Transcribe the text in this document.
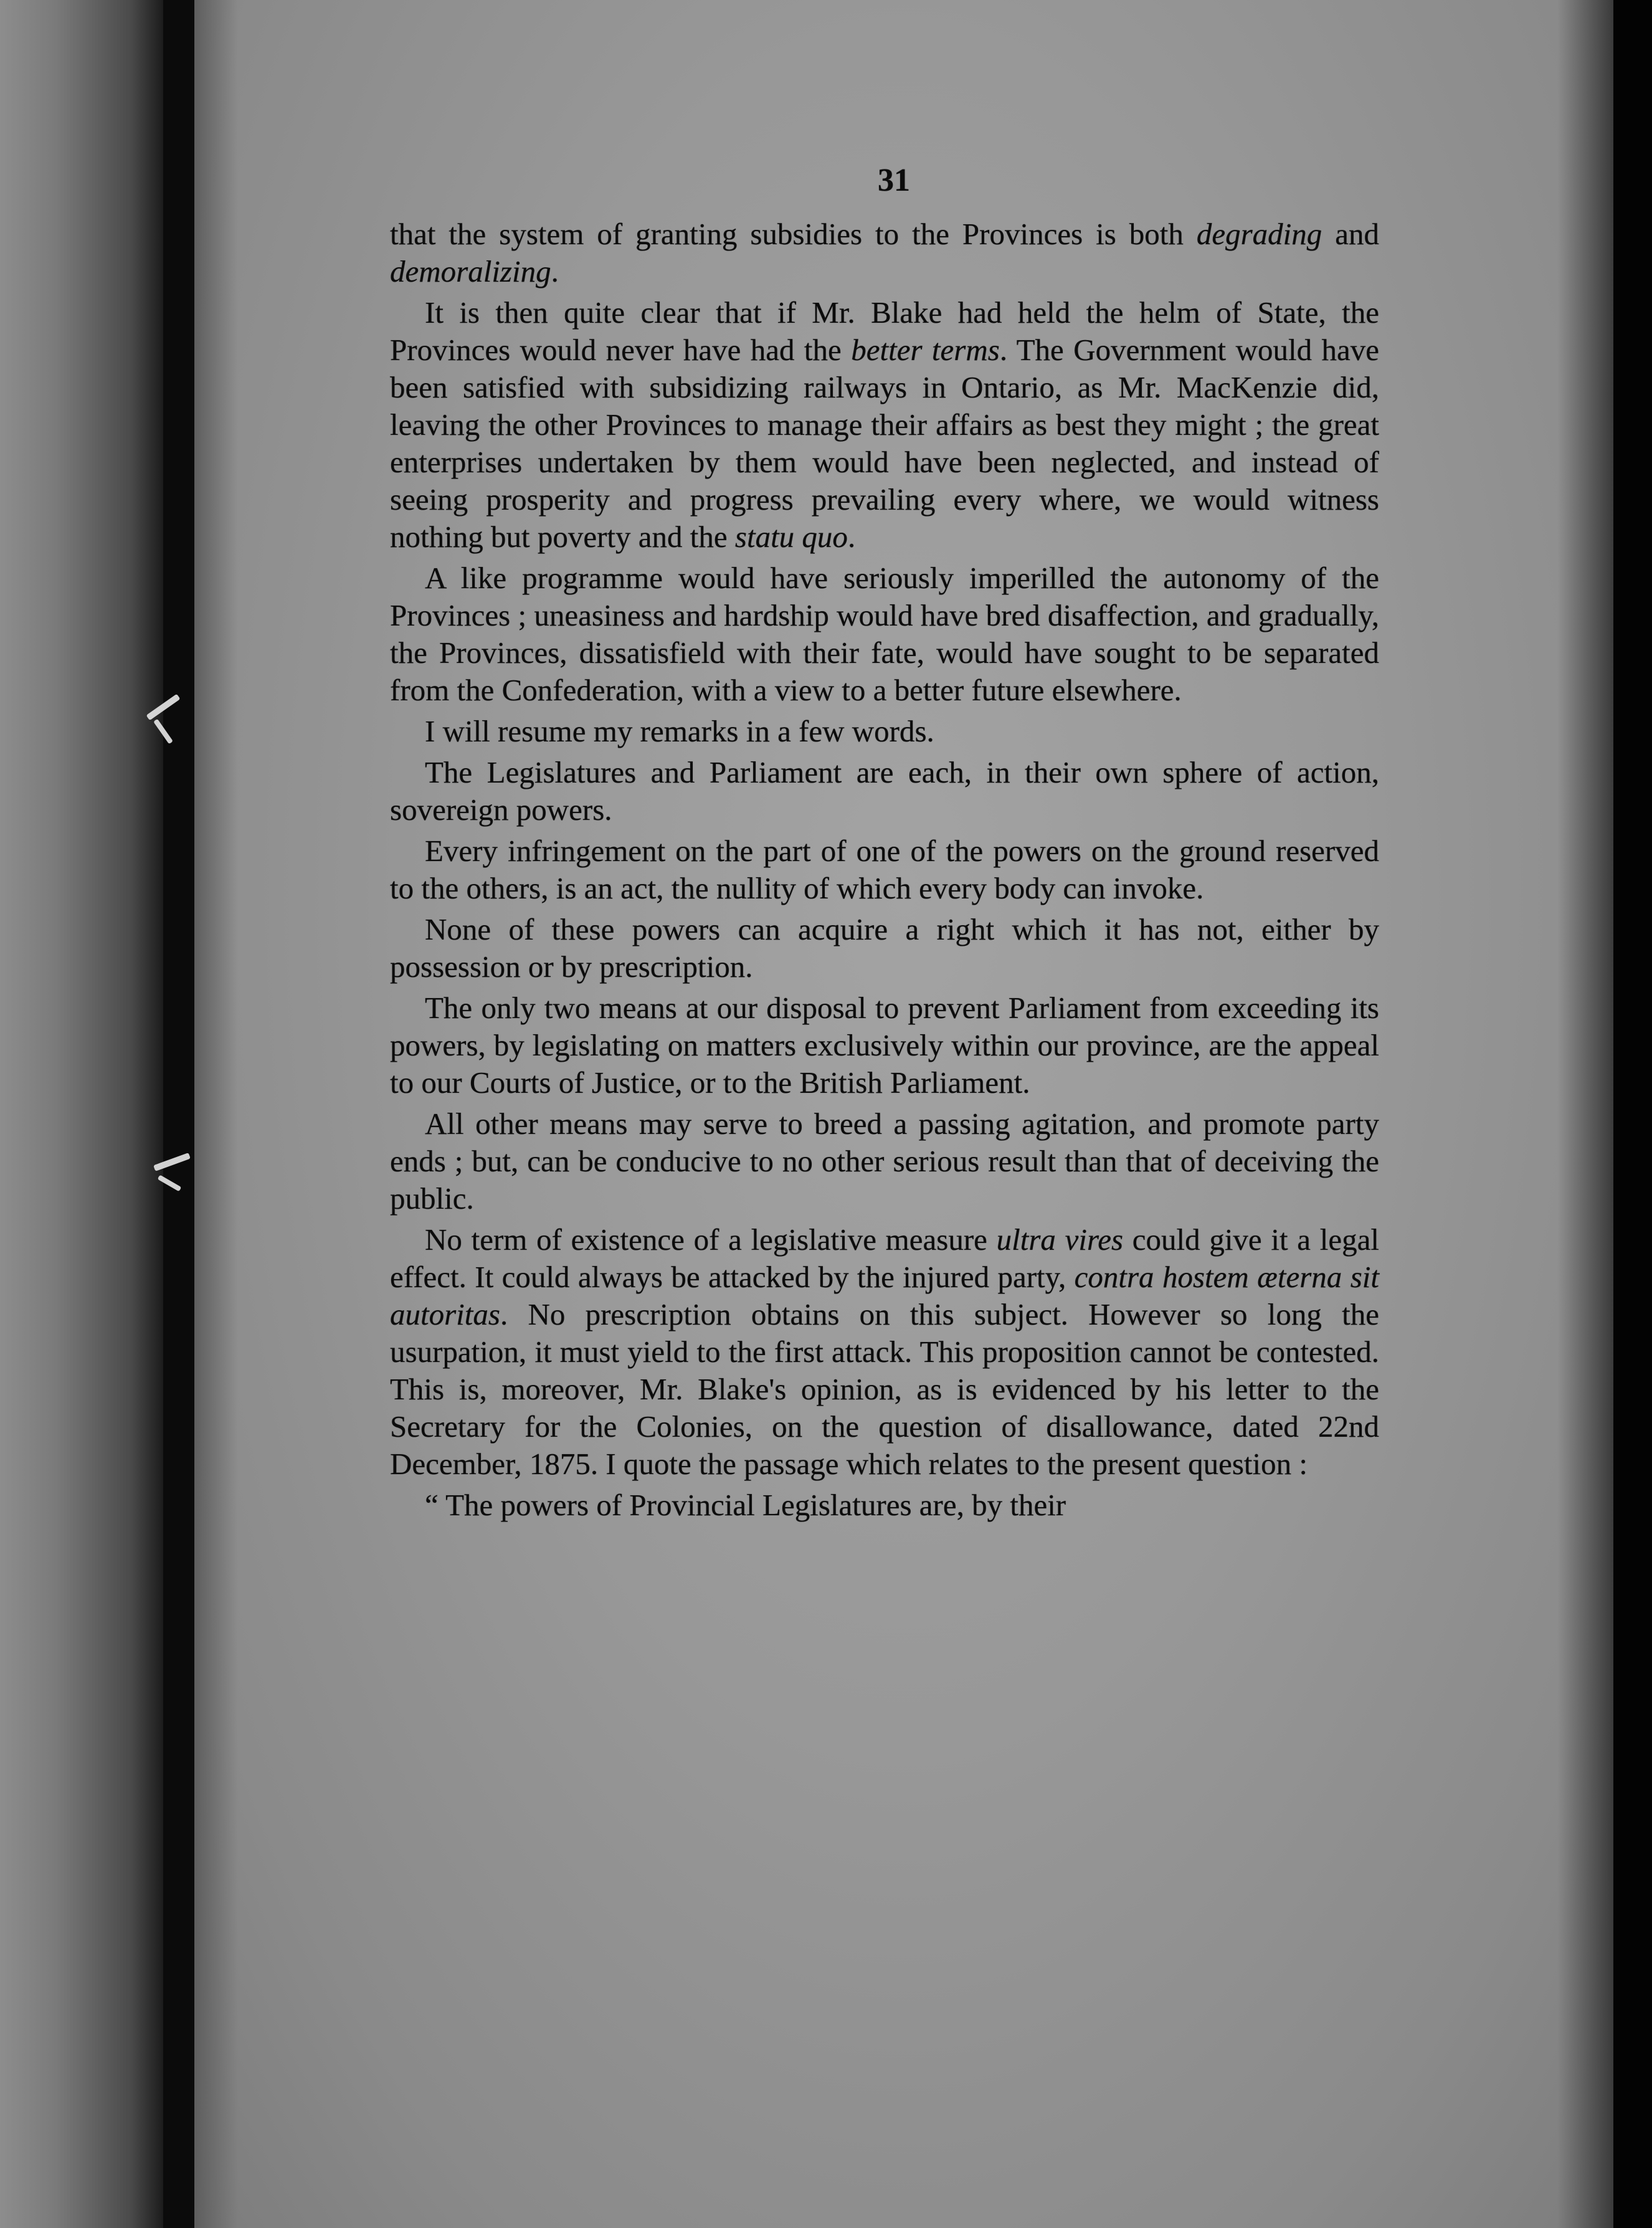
31

that the system of granting subsidies to the Provinces is both degrading and demoralizing.

It is then quite clear that if Mr. Blake had held the helm of State, the Provinces would never have had the better terms. The Government would have been satisfied with subsidizing railways in Ontario, as Mr. MacKenzie did, leaving the other Provinces to manage their affairs as best they might ; the great enterprises undertaken by them would have been neglected, and instead of seeing prosperity and progress prevailing every where, we would witness nothing but poverty and the statu quo.

A like programme would have seriously imperilled the autonomy of the Provinces ; uneasiness and hardship would have bred disaffection, and gradually, the Provinces, dissatisfield with their fate, would have sought to be separated from the Confederation, with a view to a better future elsewhere.

I will resume my remarks in a few words.

The Legislatures and Parliament are each, in their own sphere of action, sovereign powers.

Every infringement on the part of one of the powers on the ground reserved to the others, is an act, the nullity of which every body can invoke.

None of these powers can acquire a right which it has not, either by possession or by prescription.

The only two means at our disposal to prevent Parliament from exceeding its powers, by legislating on matters exclusively within our province, are the appeal to our Courts of Justice, or to the British Parliament.

All other means may serve to breed a passing agitation, and promote party ends ; but, can be conducive to no other serious result than that of deceiving the public.

No term of existence of a legislative measure ultra vires could give it a legal effect. It could always be attacked by the injured party, contra hostem æterna sit autoritas. No prescription obtains on this subject. However so long the usurpation, it must yield to the first attack. This proposition cannot be contested. This is, moreover, Mr. Blake's opinion, as is evidenced by his letter to the Secretary for the Colonies, on the question of disallowance, dated 22nd December, 1875. I quote the passage which relates to the present question :

“ The powers of Provincial Legislatures are, by their
